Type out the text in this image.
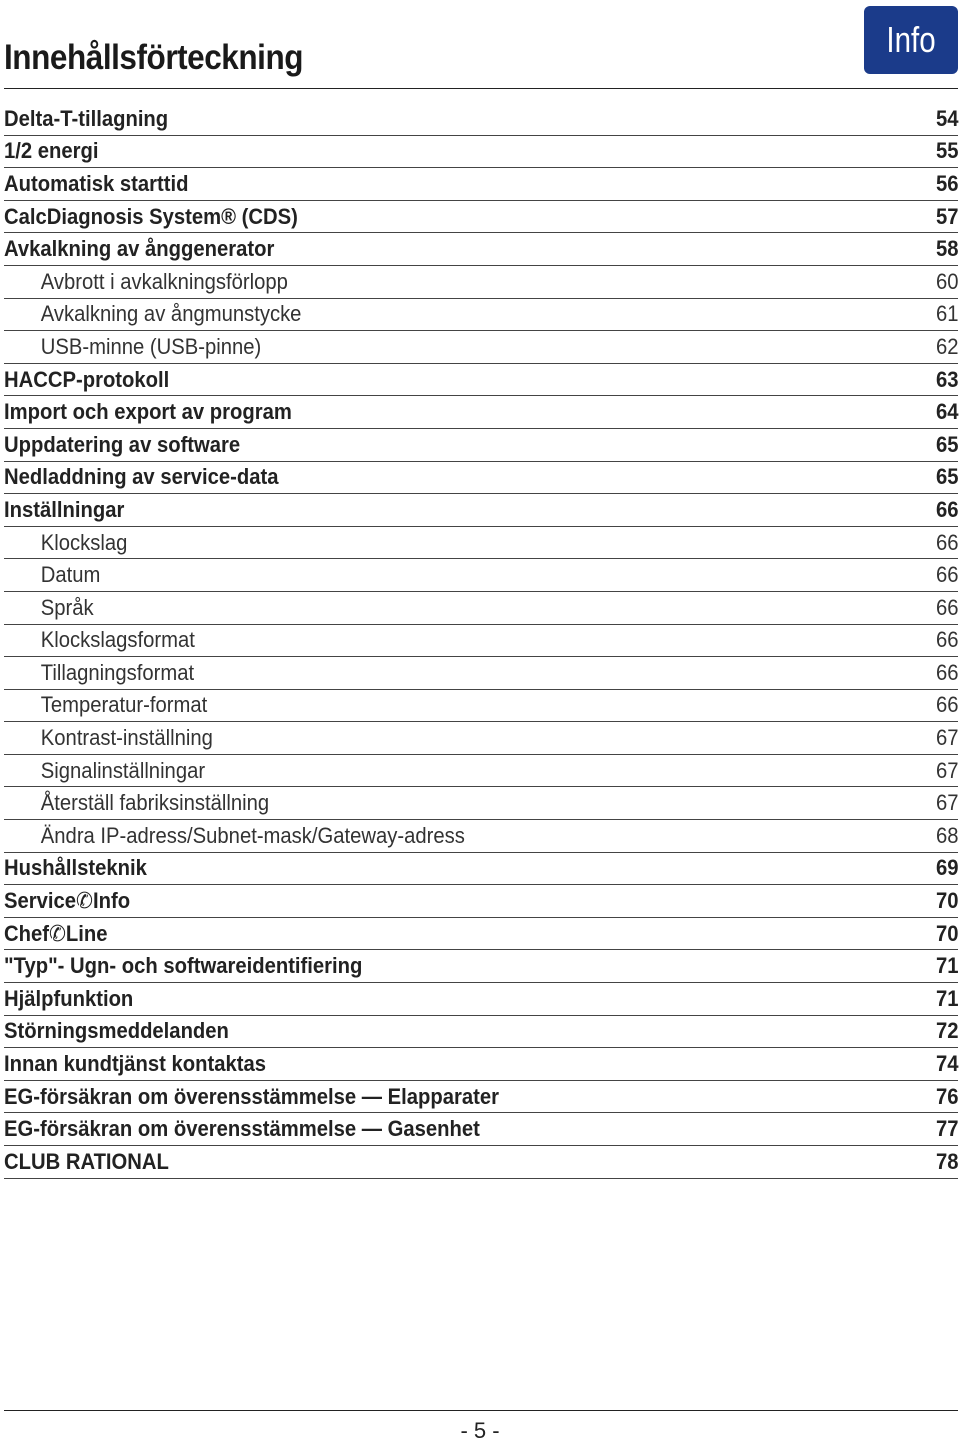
Innehållsförteckning	Info
Delta-T-tillagning	54
1/2 energi	55
Automatisk starttid	56
CalcDiagnosis System® (CDS)	57
Avkalkning av ånggenerator	58
Avbrott i avkalkningsförlopp	60
Avkalkning av ångmunstycke	61
USB-minne (USB-pinne)	62
HACCP-protokoll	63
Import och export av program	64
Uppdatering av software	65
Nedladdning av service-data	65
Inställningar	66
Klockslag	66
Datum	66
Språk	66
Klockslagsformat	66
Tillagningsformat	66
Temperatur-format	66
Kontrast-inställning	67
Signalinställningar	67
Återställ fabriksinställning	67
Ändra IP-adress/Subnet-mask/Gateway-adress	68
Hushållsteknik	69
Service✆Info	70
Chef✆Line	70
"Typ"- Ugn- och softwareidentifiering	71
Hjälpfunktion	71
Störningsmeddelanden	72
Innan kundtjänst kontaktas	74
EG-försäkran om överensstämmelse — Elapparater	76
EG-försäkran om överensstämmelse — Gasenhet	77
CLUB RATIONAL	78
- 5 -
